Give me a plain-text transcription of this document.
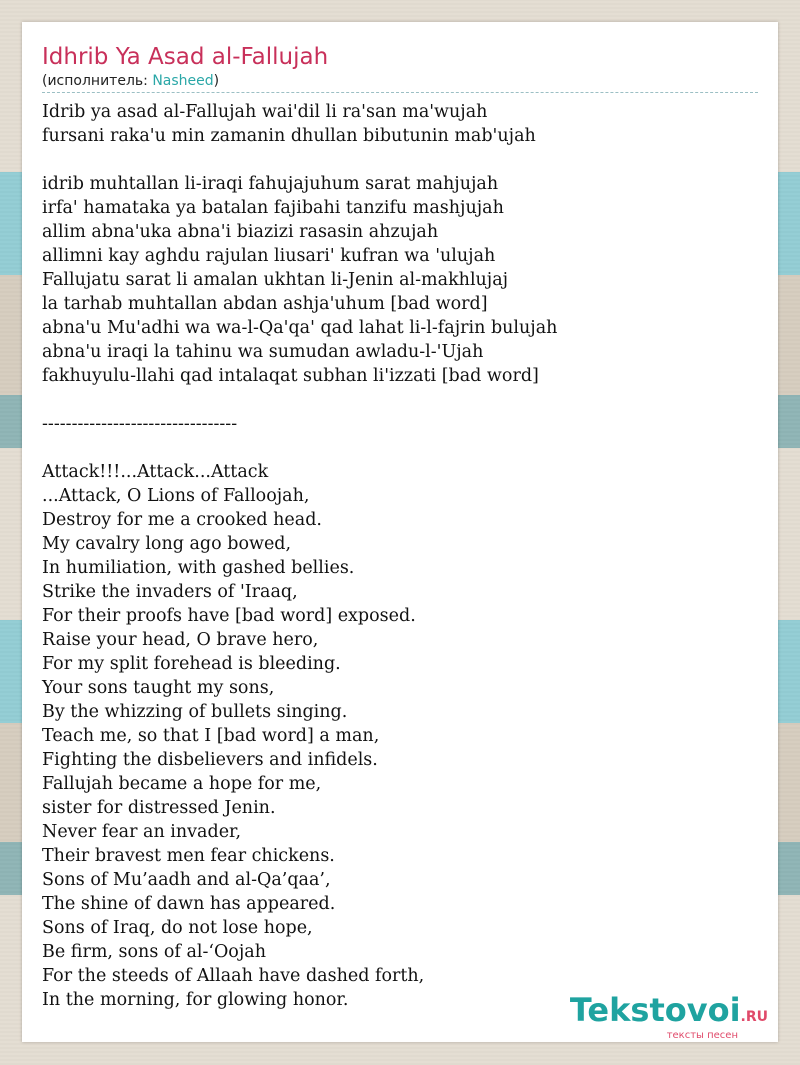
Idhrib Ya Asad al-Fallujah
(исполнитель: Nasheed)
Idrib ya asad al-Fallujah wai'dil li ra'san ma'wujah
fursani raka'u min zamanin dhullan bibutunin mab'ujah

idrib muhtallan li-iraqi fahujajuhum sarat mahjujah
irfa' hamataka ya batalan fajibahi tanzifu mashjujah
allim abna'uka abna'i biazizi rasasin ahzujah
allimni kay aghdu rajulan liusari' kufran wa 'ulujah
Fallujatu sarat li amalan ukhtan li-Jenin al-makhlujaj
la tarhab muhtallan abdan ashja'uhum [bad word]
abna'u Mu'adhi wa wa-l-Qa'qa' qad lahat li-l-fajrin bulujah
abna'u iraqi la tahinu wa sumudan awladu-l-'Ujah
fakhuyulu-llahi qad intalaqat subhan li'izzati [bad word]

---------------------------------

Attack!!!...Attack...Attack
...Attack, O Lions of Falloojah,
Destroy for me a crooked head.
My cavalry long ago bowed,
In humiliation, with gashed bellies.
Strike the invaders of 'Iraaq,
For their proofs have [bad word] exposed.
Raise your head, O brave hero,
For my split forehead is bleeding.
Your sons taught my sons,
By the whizzing of bullets singing.
Teach me, so that I [bad word] a man,
Fighting the disbelievers and infidels.
Fallujah became a hope for me,
sister for distressed Jenin.
Never fear an invader,
Their bravest men fear chickens.
Sons of Mu’aadh and al-Qa’qaa’,
The shine of dawn has appeared.
Sons of Iraq, do not lose hope,
Be firm, sons of al-‘Oojah
For the steeds of Allaah have dashed forth,
In the morning, for glowing honor.	Tekstovoi.RU
тексты песен
